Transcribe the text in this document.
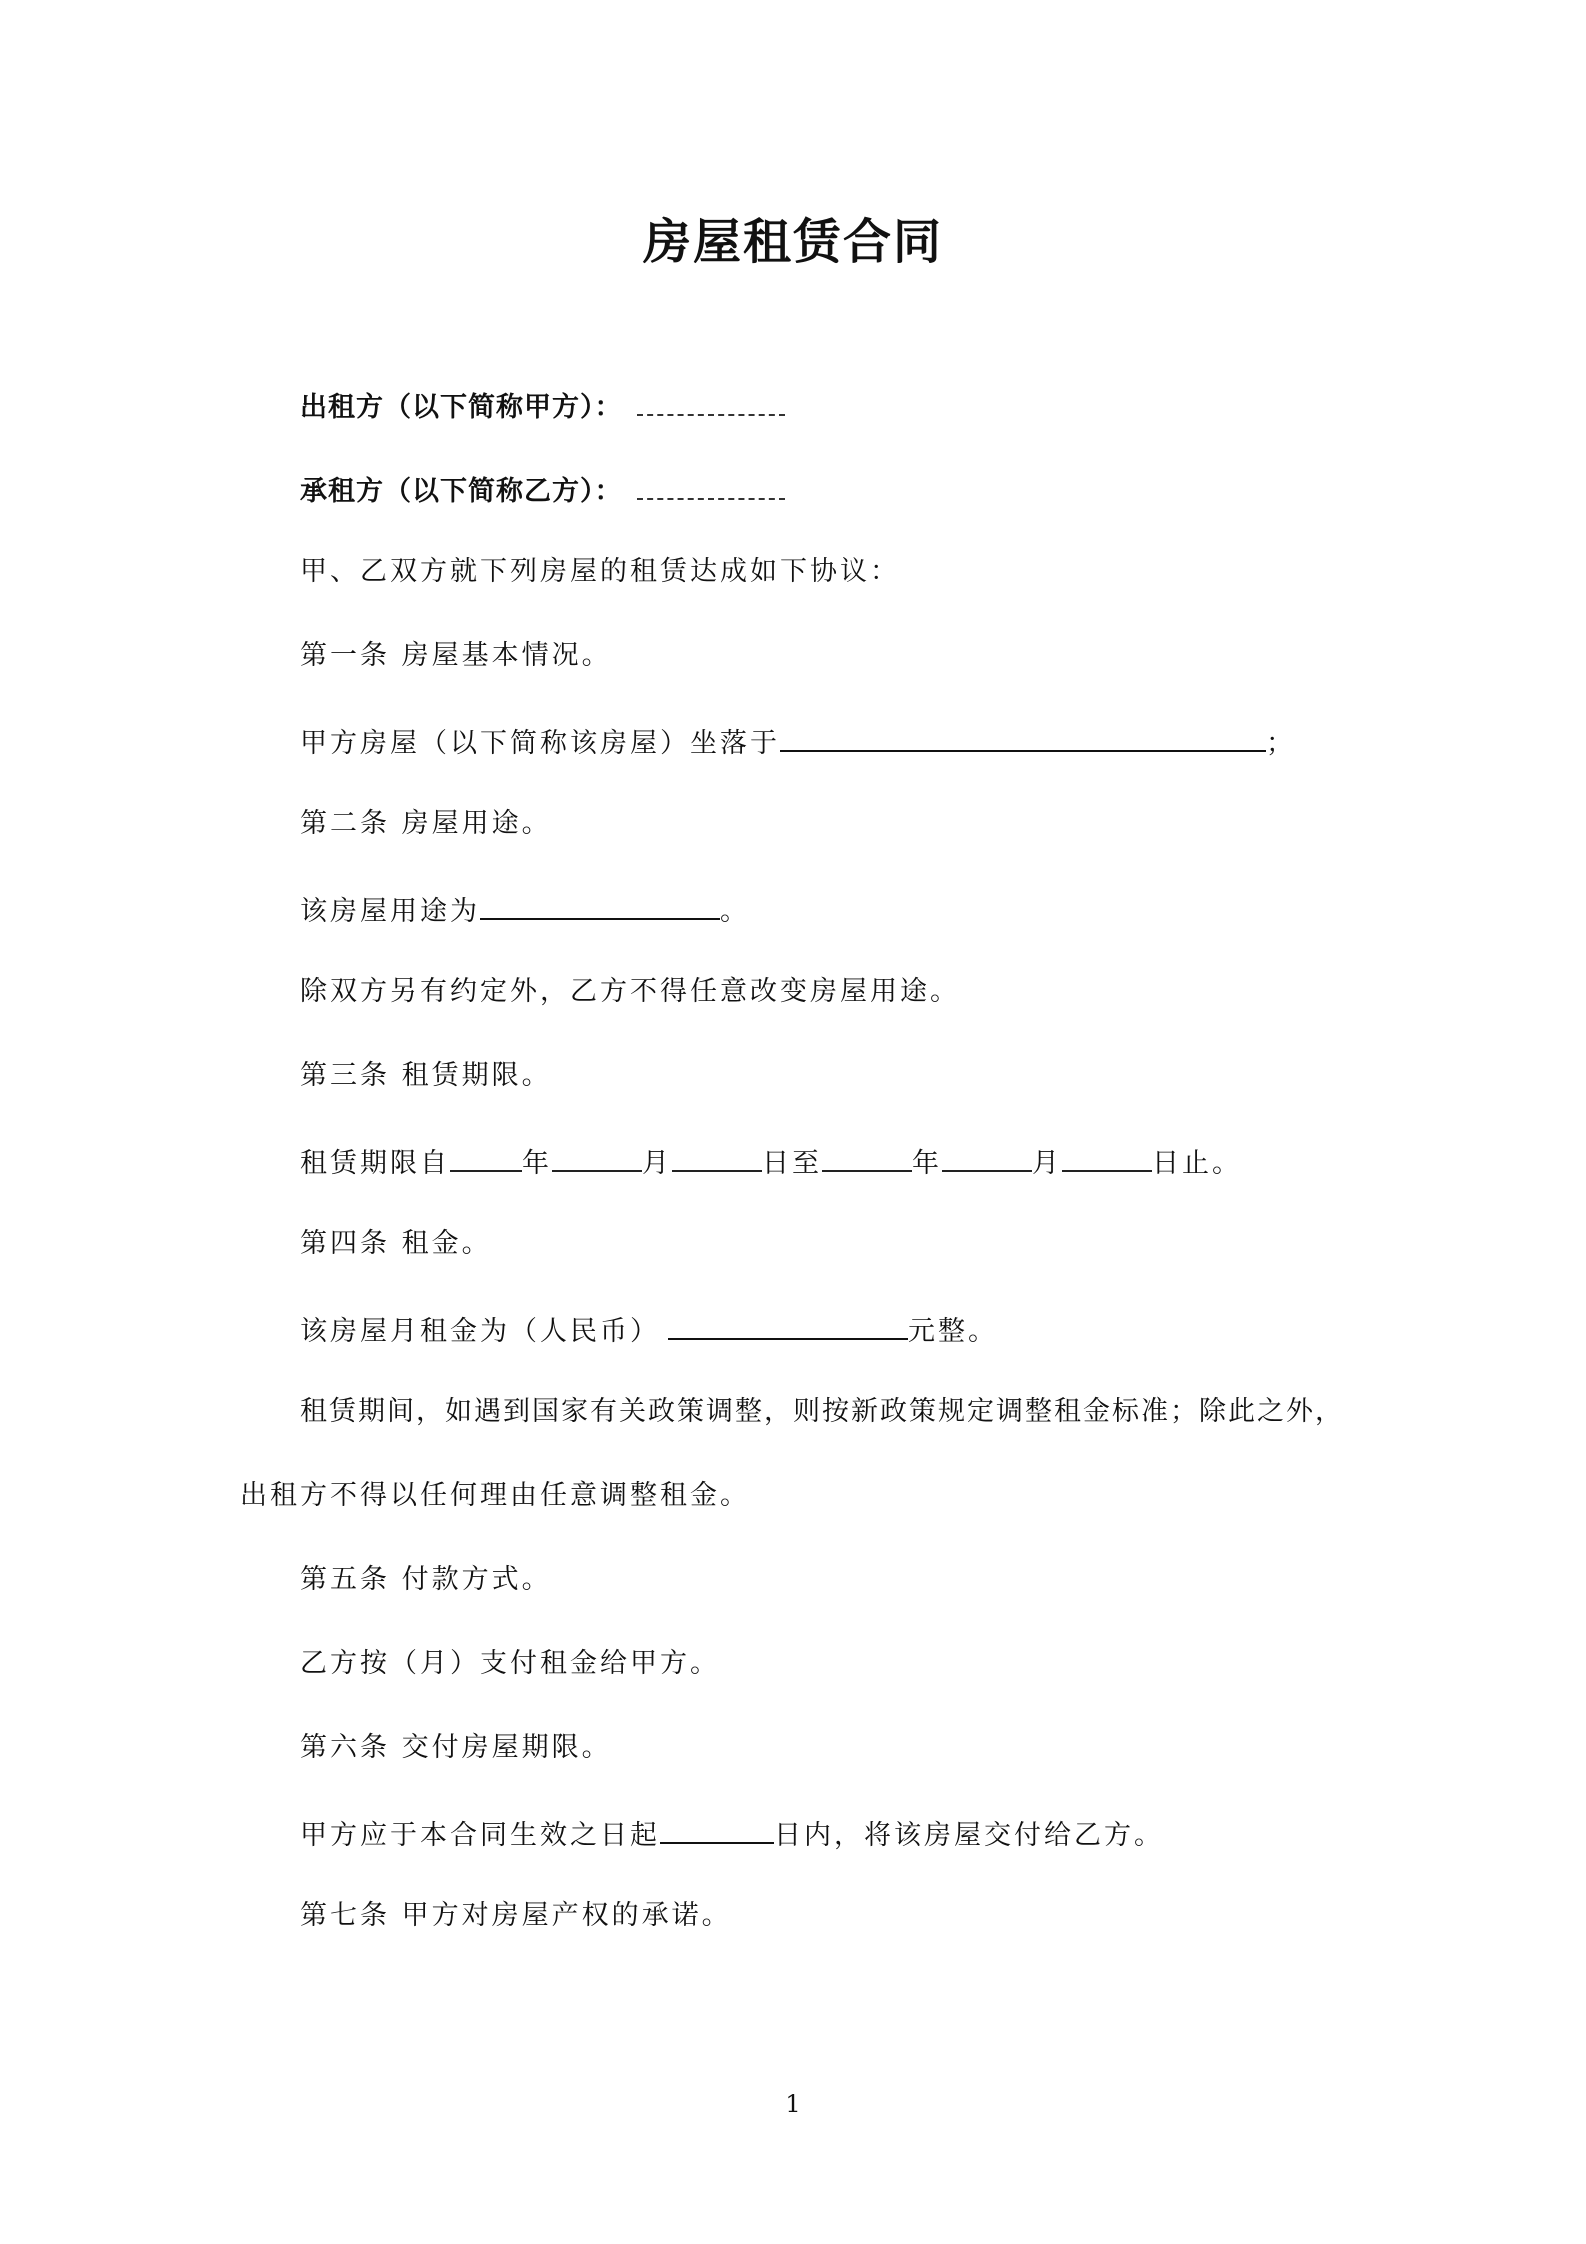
房屋租赁合同
出租方（以下简称甲方）：
承租方（以下简称乙方）：
甲、乙双方就下列房屋的租赁达成如下协议：
第一条 房屋基本情况。
甲方房屋（以下简称该房屋）坐落于	；
第二条 房屋用途。
该房屋用途为	。
除双方另有约定外，乙方不得任意改变房屋用途。
第三条 租赁期限。
租赁期限自	年	月	日至	年	月	日止。
第四条 租金。
该房屋月租金为（人民币）	元整。
租赁期间，如遇到国家有关政策调整，则按新政策规定调整租金标准；除此之外，
出租方不得以任何理由任意调整租金。
第五条 付款方式。
乙方按（月）支付租金给甲方。
第六条 交付房屋期限。
甲方应于本合同生效之日起	日内，将该房屋交付给乙方。
第七条 甲方对房屋产权的承诺。
1
